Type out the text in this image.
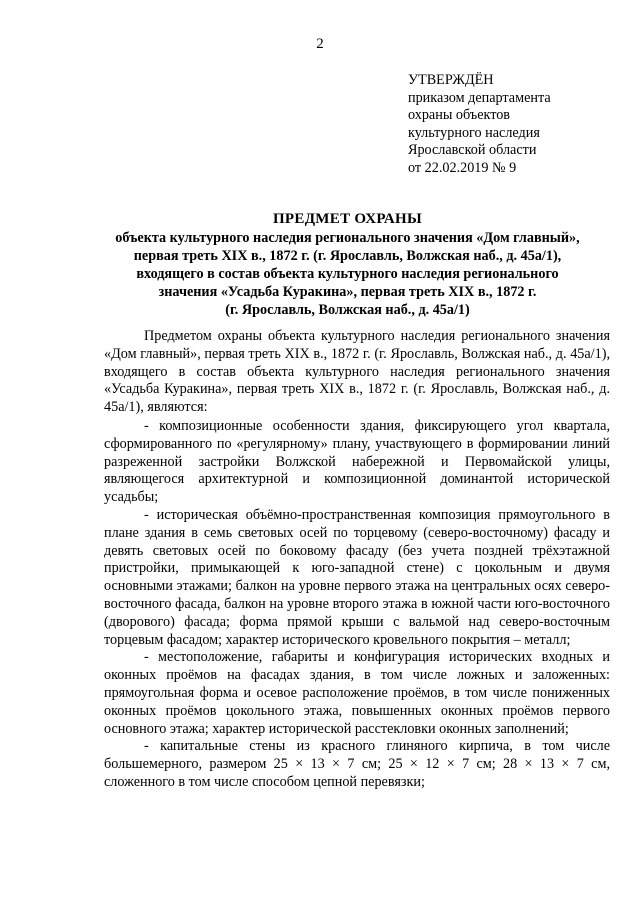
2
УТВЕРЖДЁН
приказом департамента
охраны объектов
культурного наследия
Ярославской области
от 22.02.2019 № 9
ПРЕДМЕТ ОХРАНЫ
объекта культурного наследия регионального значения «Дом главный»,
первая треть XIX в., 1872 г. (г. Ярославль, Волжская наб., д. 45а/1),
входящего в состав объекта культурного наследия регионального
значения «Усадьба Куракина», первая треть XIX в., 1872 г.
(г. Ярославль, Волжская наб., д. 45а/1)

Предметом охраны объекта культурного наследия регионального значения «Дом главный», первая треть XIX в., 1872 г. (г. Ярославль, Волжская наб., д. 45а/1), входящего в состав объекта культурного наследия регионального значения «Усадьба Куракина», первая треть XIX в., 1872 г. (г. Ярославль, Волжская наб., д. 45а/1), являются:

- композиционные особенности здания, фиксирующего угол квартала, сформированного по «регулярному» плану, участвующего в формировании линий разреженной застройки Волжской набережной и Первомайской улицы, являющегося архитектурной и композиционной доминантой исторической усадьбы;

- историческая объёмно-пространственная композиция прямоугольного в плане здания в семь световых осей по торцевому (северо-восточному) фасаду и девять световых осей по боковому фасаду (без учета поздней трёхэтажной пристройки, примыкающей к юго-западной стене) с цокольным и двумя основными этажами; балкон на уровне первого этажа на центральных осях северо-восточного фасада, балкон на уровне второго этажа в южной части юго-восточного (дворового) фасада; форма прямой крыши с вальмой над северо-восточным торцевым фасадом; характер исторического кровельного покрытия – металл;

- местоположение, габариты и конфигурация исторических входных и оконных проёмов на фасадах здания, в том числе ложных и заложенных: прямоугольная форма и осевое расположение проёмов, в том числе пониженных оконных проёмов цокольного этажа, повышенных оконных проёмов первого основного этажа; характер исторической расстекловки оконных заполнений;

- капитальные стены из красного глиняного кирпича, в том числе большемерного, размером 25 × 13 × 7 см; 25 × 12 × 7 см; 28 × 13 × 7 см, сложенного в том числе способом цепной перевязки;
